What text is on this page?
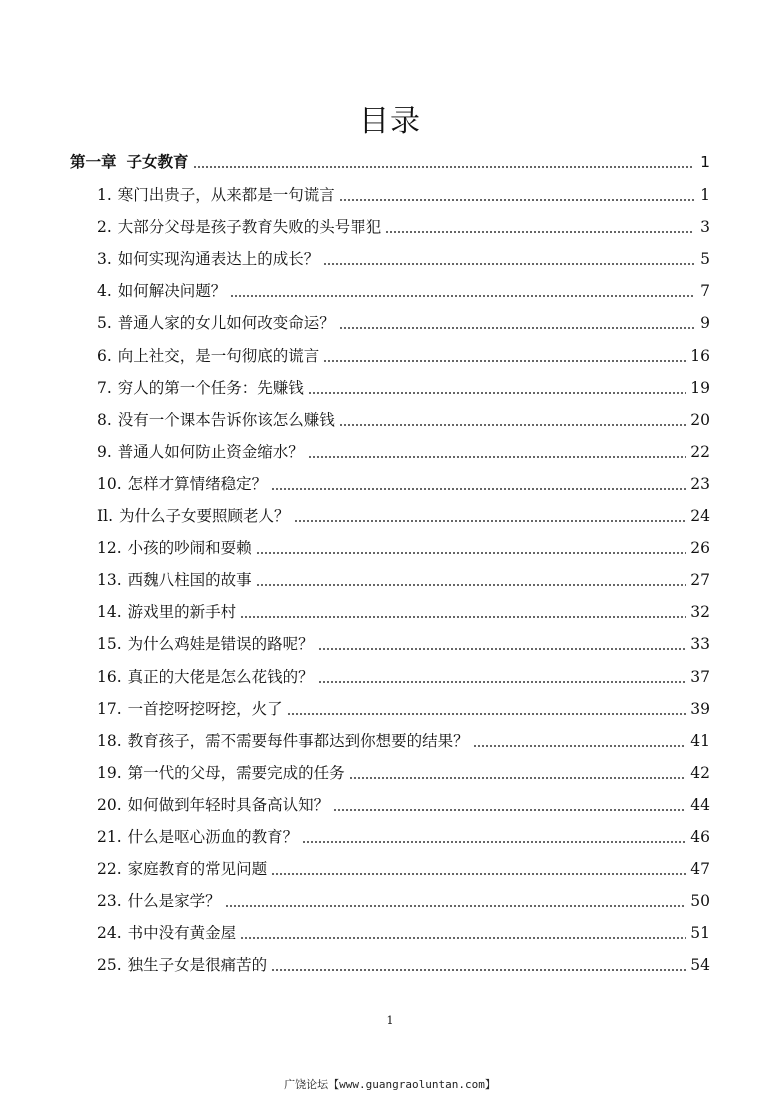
目录
第一章 子女教育	1
1. 寒门出贵子，从来都是一句谎言	1
2. 大部分父母是孩子教育失败的头号罪犯	3
3. 如何实现沟通表达上的成长？	5
4. 如何解决问题？	7
5. 普通人家的女儿如何改变命运？	9
6. 向上社交，是一句彻底的谎言	16
7. 穷人的第一个任务：先赚钱	19
8. 没有一个课本告诉你该怎么赚钱	20
9. 普通人如何防止资金缩水？	22
10. 怎样才算情绪稳定？	23
Il. 为什么子女要照顾老人？	24
12. 小孩的吵闹和耍赖	26
13. 西魏八柱国的故事	27
14. 游戏里的新手村	32
15. 为什么鸡娃是错误的路呢？	33
16. 真正的大佬是怎么花钱的？	37
17. 一首挖呀挖呀挖，火了	39
18. 教育孩子，需不需要每件事都达到你想要的结果？	41
19. 第一代的父母，需要完成的任务	42
20. 如何做到年轻时具备高认知？	44
21. 什么是呕心沥血的教育？	46
22. 家庭教育的常见问题	47
23. 什么是家学？	50
24. 书中没有黄金屋	51
25. 独生子女是很痛苦的	54
1
广饶论坛【www.guangraoluntan.com】
